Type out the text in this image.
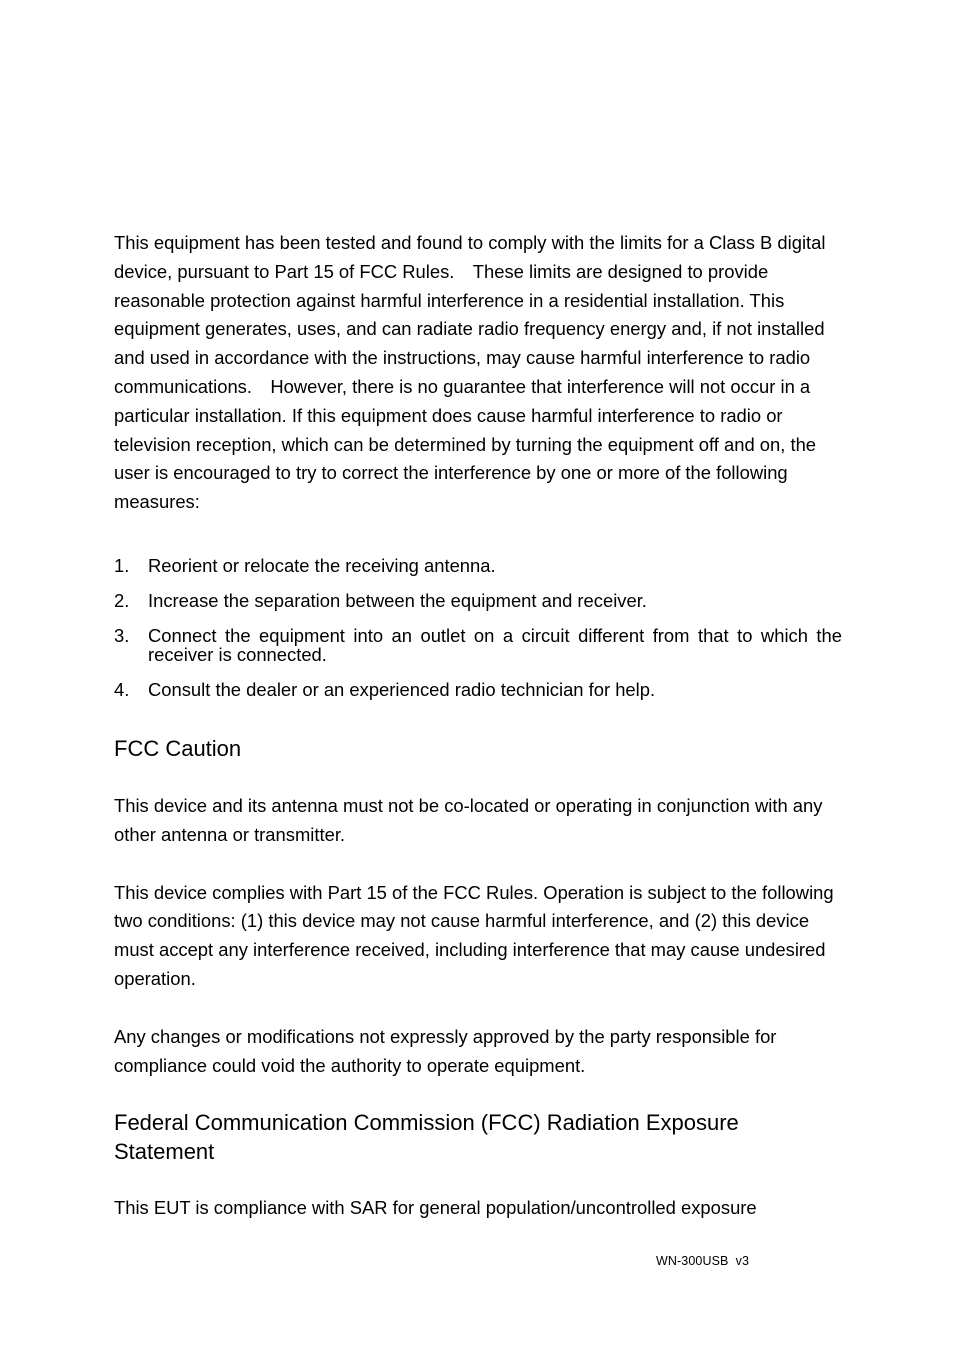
This equipment has been tested and found to comply with the limits for a Class B digital device, pursuant to Part 15 of FCC Rules. These limits are designed to provide reasonable protection against harmful interference in a residential installation. This equipment generates, uses, and can radiate radio frequency energy and, if not installed and used in accordance with the instructions, may cause harmful interference to radio communications. However, there is no guarantee that interference will not occur in a particular installation. If this equipment does cause harmful interference to radio or television reception, which can be determined by turning the equipment off and on, the user is encouraged to try to correct the interference by one or more of the following measures:

1. Reorient or relocate the receiving antenna.
2. Increase the separation between the equipment and receiver.
3. Connect the equipment into an outlet on a circuit different from that to which the receiver is connected.
4. Consult the dealer or an experienced radio technician for help.
FCC Caution

This device and its antenna must not be co-located or operating in conjunction with any other antenna or transmitter.

This device complies with Part 15 of the FCC Rules. Operation is subject to the following two conditions: (1) this device may not cause harmful interference, and (2) this device must accept any interference received, including interference that may cause undesired operation.

Any changes or modifications not expressly approved by the party responsible for compliance could void the authority to operate equipment.

Federal Communication Commission (FCC) Radiation Exposure Statement

This EUT is compliance with SAR for general population/uncontrolled exposure

WN-300USB  v3
